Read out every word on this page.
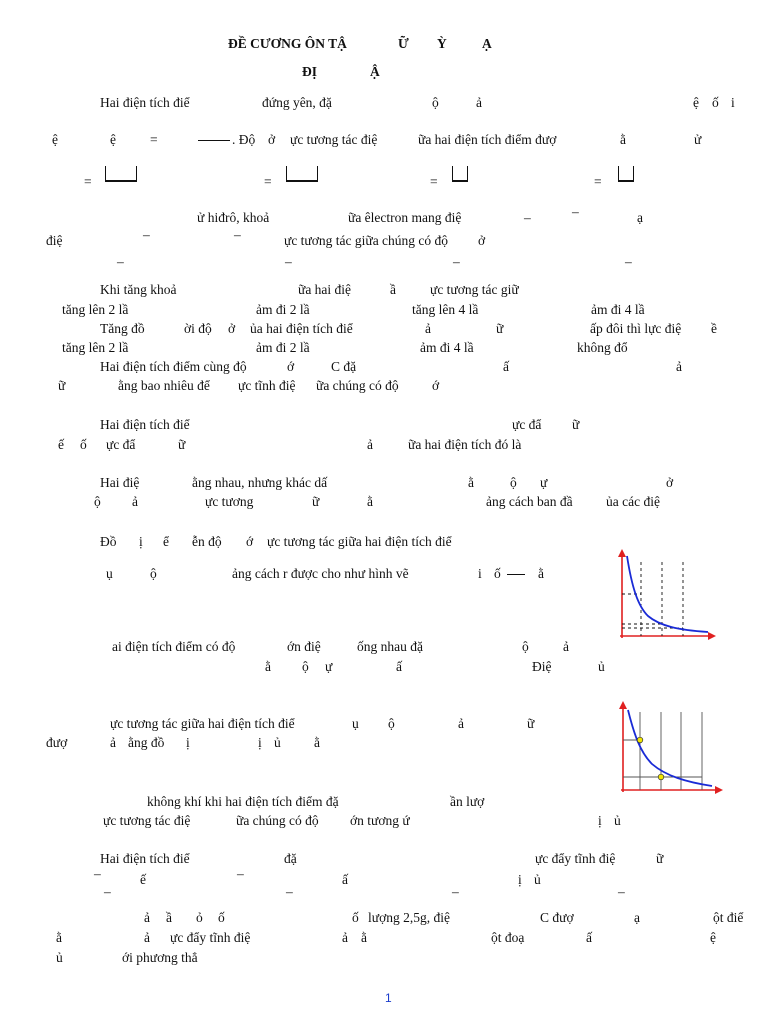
ĐỀ CƯƠNG ÔN TẬ	Ữ Ỳ	Ạ
ĐỊ	Ậ
Hai điện tích điể	đứng yên, đặ	ộ	ả	ệ ố i
ệ	ệ	=	. Độ ở ực tương tác điệ	ữa hai điện tích điểm đượ	ằ	ử
=	=	=	=
ử hiđrô, khoả	ữa êlectron mang điệ	–	–	ạ
điệ	–	–	ực tương tác giữa chúng có độ ở
–	–	–	–
Khi tăng khoả	ữa hai điệ	ầ	ực tương tác giữ
tăng lên 2 lầ	ảm đi 2 lầ	tăng lên 4 lầ	ảm đi 4 lầ
Tăng đồ	ời độ ở ủa hai điện tích điể	ả	ữ	ấp đôi thì lực điệ ề
tăng lên 2 lầ	ảm đi 2 lầ	ảm đi 4 lầ	không đổ
Hai điện tích điểm cùng độ	ớ	C đặ	ấ	ả
ữ	ằng bao nhiêu để ực tĩnh điệ ữa chúng có độ ớ
Hai điện tích điể	ực đẩ ữ
ế ố ực đẩ	ữ	ả	ữa hai điện tích đó là
Hai điệ	ằng nhau, nhưng khác dấ	ằ	ộ ự	ở
ộ ả	ực tương	ữ	ằ	ảng cách ban đầ ủa các điệ
Đồ ị ể ễn độ ớ ực tương tác giữa hai điện tích điể
ụ	ộ	ảng cách r được cho như hình vẽ	i ố	ằ
ai điện tích điểm có độ	ớn điệ	ống nhau đặ	ộ	ả
ằ ộ ự	ấ	Điệ	ủ
ực tương tác giữa hai điện tích điể	ụ ộ	ả	ữ
đượ	ả ằng đồ ị	ị ủ ằ
không khí khi hai điện tích điểm đặ	ần lượ
ực tương tác điệ	ữa chúng có độ ớn tương ứ	ị ủ
Hai điện tích điể	đặ	ực đẩy tĩnh điệ	ữ
–	ế	–	ấ	ị ủ
–	–	–	–
ả ầ ỏ ố	ố lượng 2,5g, điệ	C đượ	ạ	ột điể
ằ	ả ực đẩy tĩnh điệ	ả ằ	ột đoạ	ấ	ệ
ủ	ới phương thẳ
1
